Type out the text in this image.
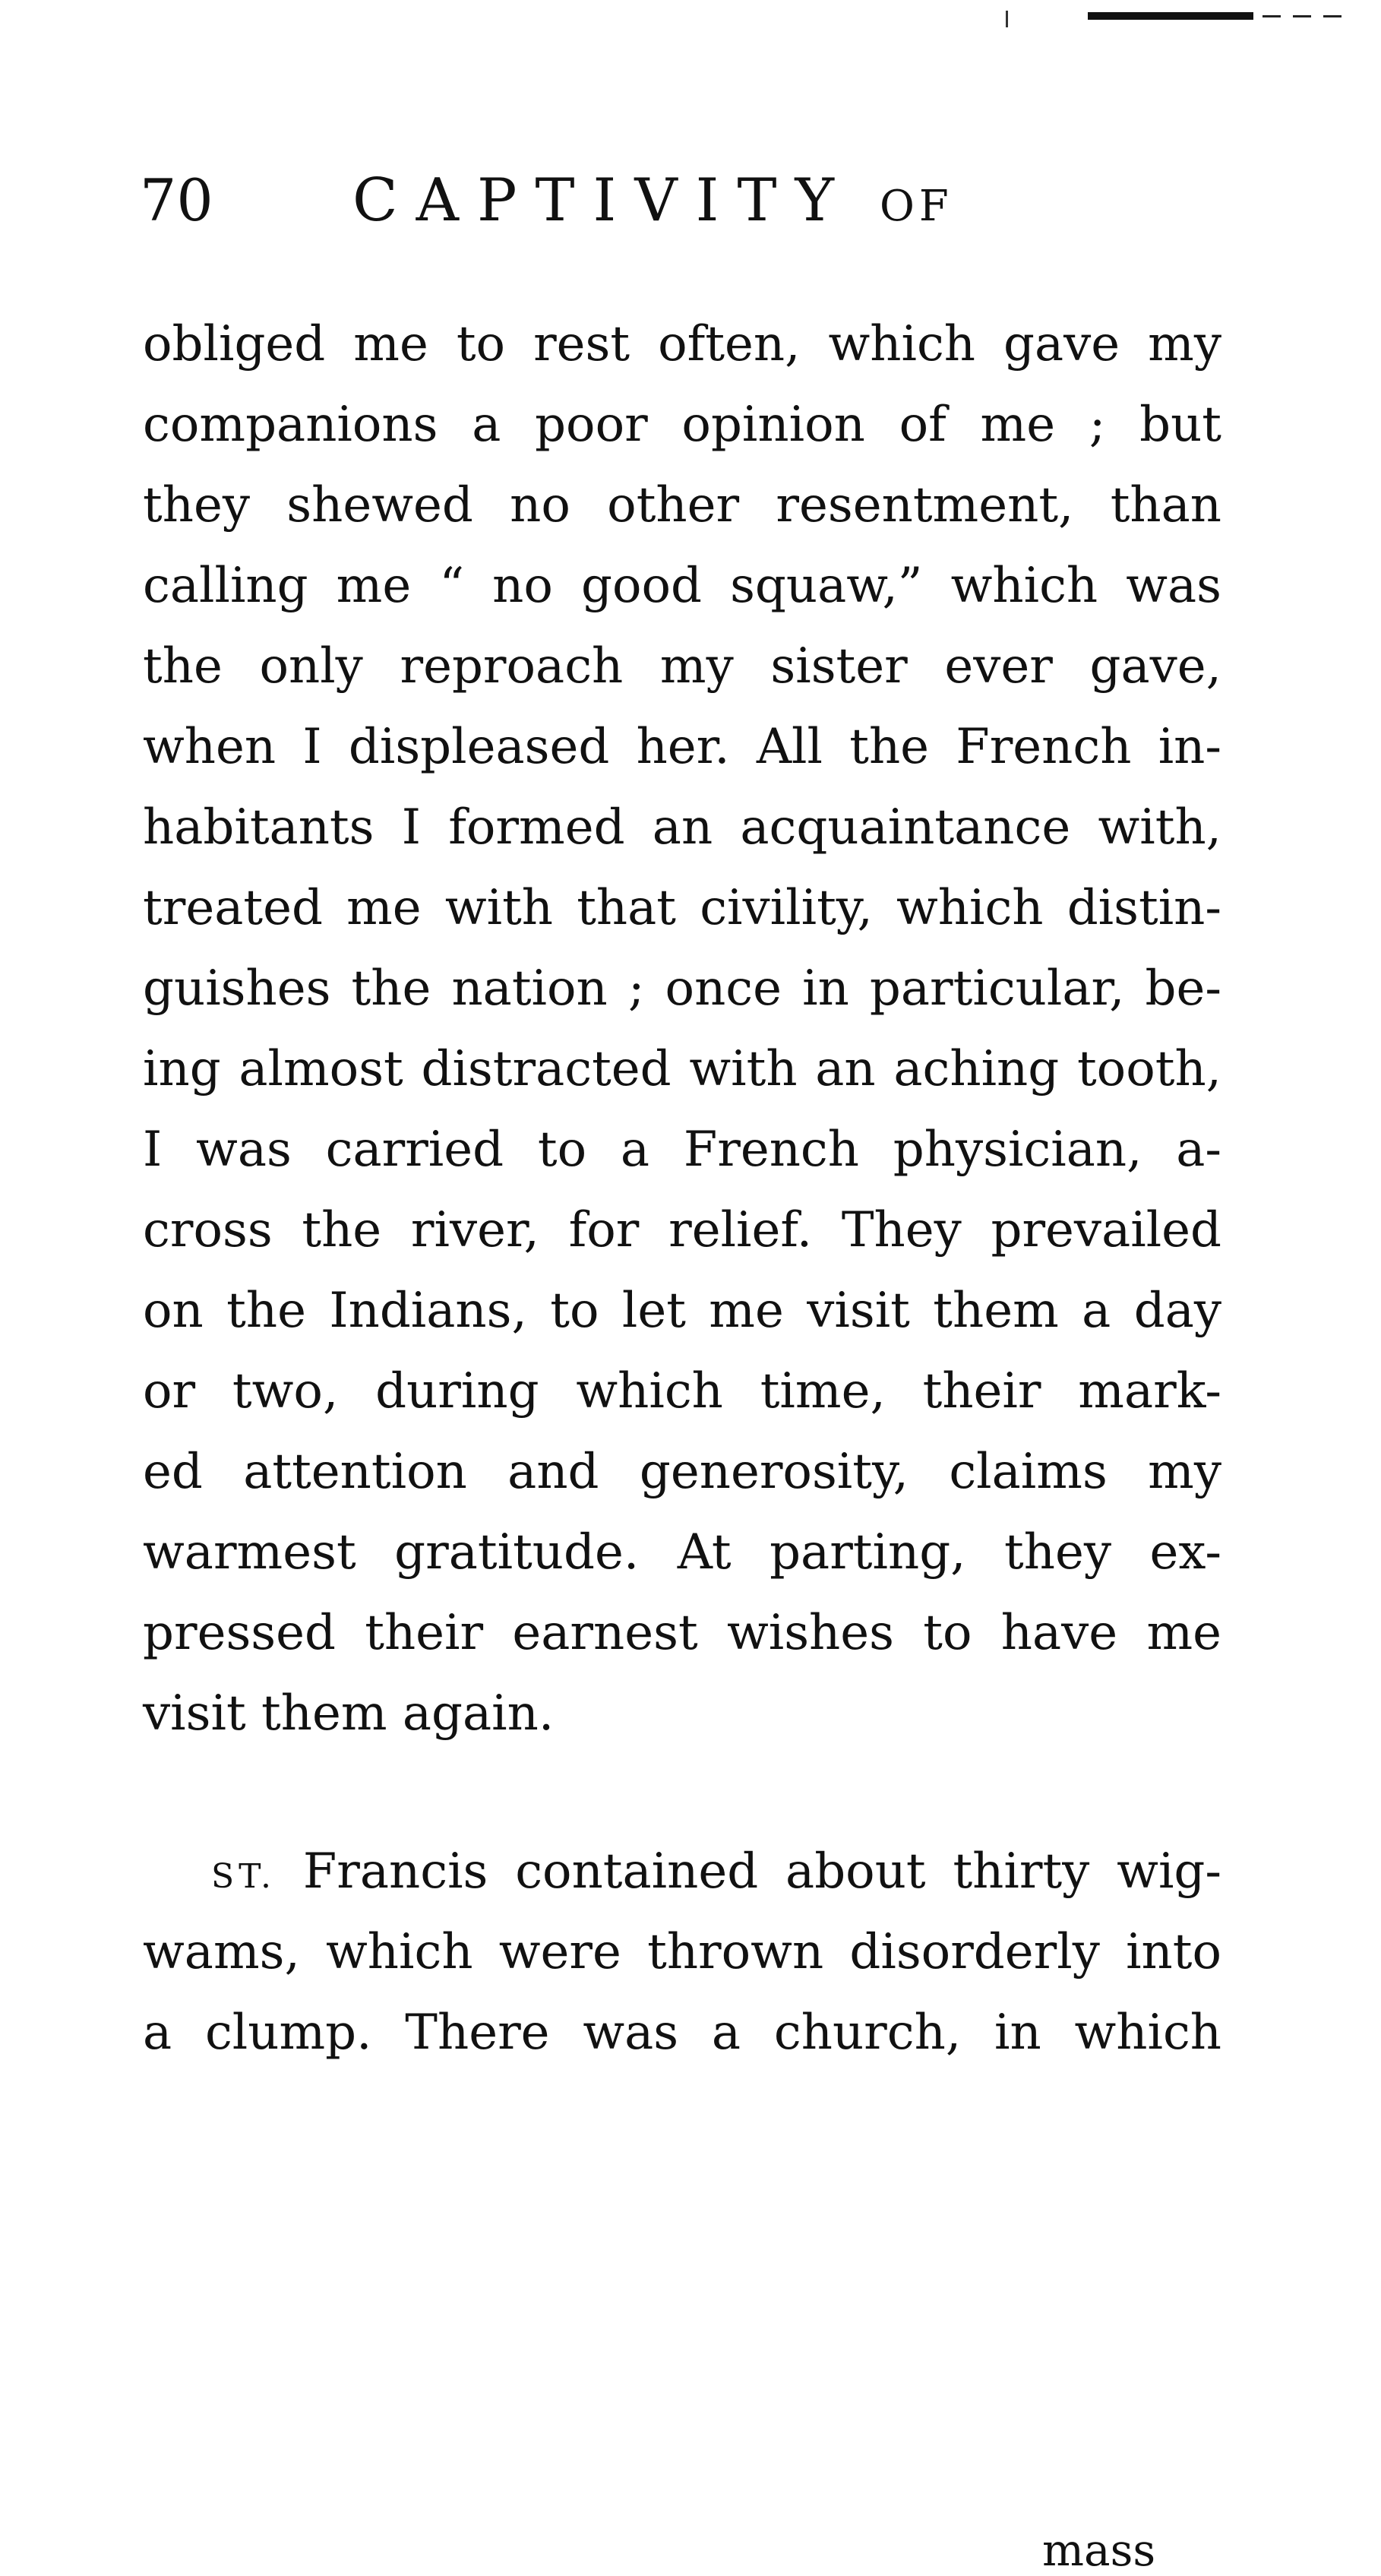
70	CAPTIVITY OF
obliged me to rest often, which gave my
companions a poor opinion of me ; but
they shewed no other resentment, than
calling me “ no good squaw,” which was
the only reproach my sister ever gave,
when I displeased her. All the French in-
habitants I formed an acquaintance with,
treated me with that civility, which distin-
guishes the nation ; once in particular, be-
ing almost distracted with an aching tooth,
I was carried to a French physician, a-
cross the river, for relief. They prevailed
on the Indians, to let me visit them a day
or two, during which time, their mark-
ed attention and generosity, claims my
warmest gratitude. At parting, they ex-
pressed their earnest wishes to have me
visit them again.
ST. Francis contained about thirty wig-
wams, which were thrown disorderly into
a clump. There was a church, in which
mass
